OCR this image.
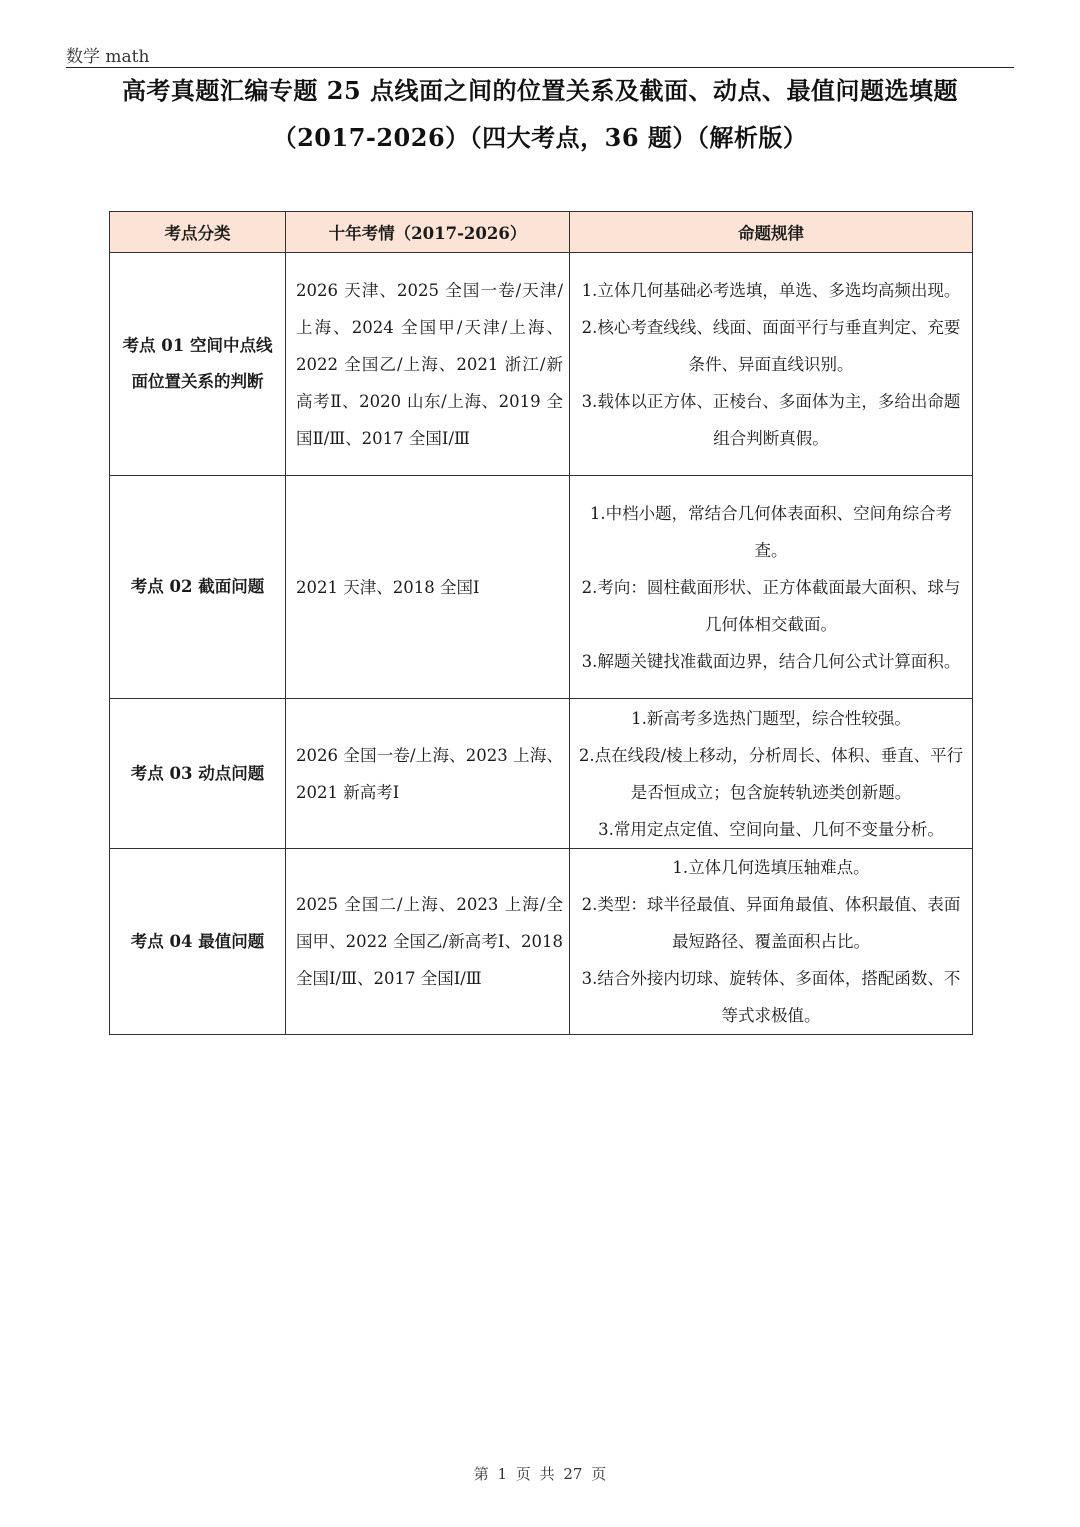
数学 math
高考真题汇编专题 25 点线面之间的位置关系及截面、动点、最值问题选填题
（2017-2026）（四大考点，36 题）（解析版）
考点分类	十年考情（2017-2026）	命题规律
考点 01 空间中点线面位置关系的判断	2026 天津、2025 全国一卷/天津/上海、2024 全国甲/天津/上海、2022 全国乙/上海、2021 浙江/新高考Ⅱ、2020 山东/上海、2019 全国Ⅱ/Ⅲ、2017 全国Ⅰ/Ⅲ	1.立体几何基础必考选填，单选、多选均高频出现。
2.核心考查线线、线面、面面平行与垂直判定、充要条件、异面直线识别。
3.载体以正方体、正棱台、多面体为主，多给出命题组合判断真假。

考点 02 截面问题	2021 天津、2018 全国Ⅰ	1.中档小题，常结合几何体表面积、空间角综合考查。
2.考向：圆柱截面形状、正方体截面最大面积、球与几何体相交截面。
3.解题关键找准截面边界，结合几何公式计算面积。

考点 03 动点问题	2026 全国一卷/上海、2023 上海、2021 新高考Ⅰ	1.新高考多选热门题型，综合性较强。
2.点在线段/棱上移动，分析周长、体积、垂直、平行是否恒成立；包含旋转轨迹类创新题。
3.常用定点定值、空间向量、几何不变量分析。

考点 04 最值问题	2025 全国二/上海、2023 上海/全国甲、2022 全国乙/新高考Ⅰ、2018 全国Ⅰ/Ⅲ、2017 全国Ⅰ/Ⅲ	1.立体几何选填压轴难点。
2.类型：球半径最值、异面角最值、体积最值、表面最短路径、覆盖面积占比。
3.结合外接内切球、旋转体、多面体，搭配函数、不等式求极值。
第 1 页 共 27 页
